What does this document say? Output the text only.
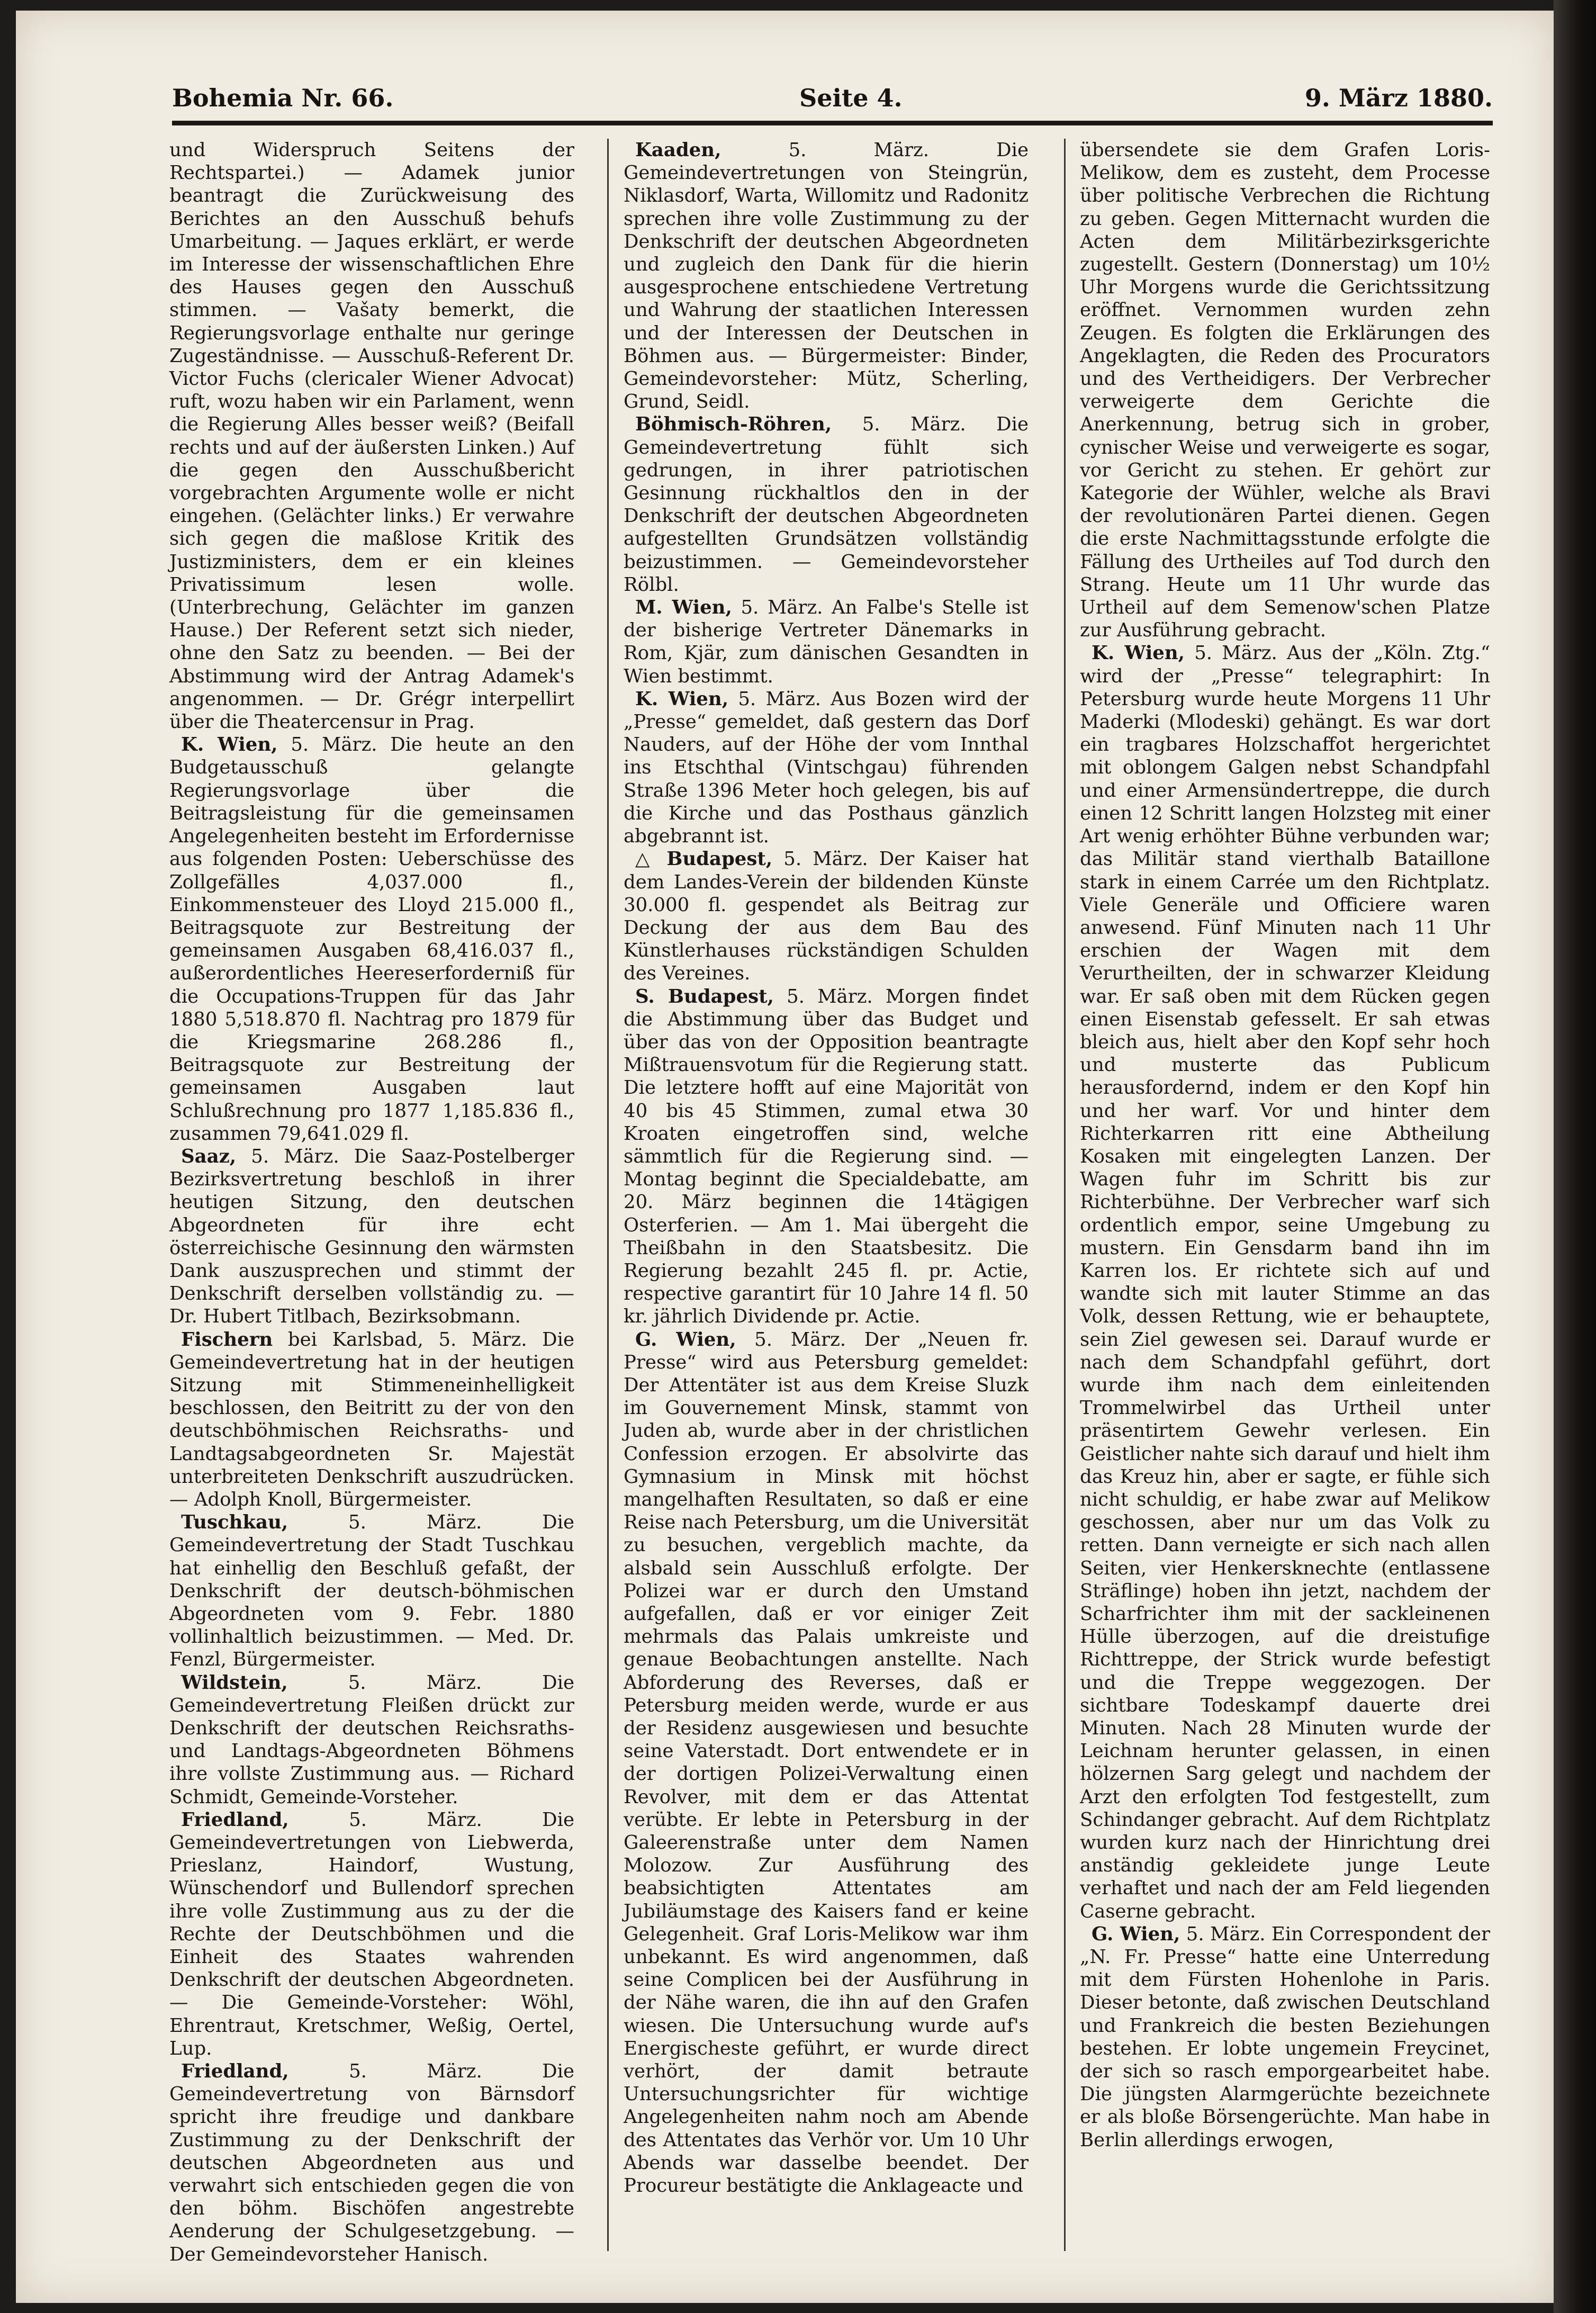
Bohemia Nr. 66.	Seite 4.	9. März 1880.

und Widerspruch Seitens der Rechtspartei.) — Adamek junior beantragt die Zurückweisung des Berichtes an den Ausschuß behufs Umarbeitung. — Jaques erklärt, er werde im Interesse der wissenschaftlichen Ehre des Hauses gegen den Ausschuß stimmen. — Vašaty bemerkt, die Regierungsvorlage enthalte nur geringe Zugeständnisse. — Ausschuß-Referent Dr. Victor Fuchs (clericaler Wiener Advocat) ruft, wozu haben wir ein Parlament, wenn die Regierung Alles besser weiß? (Beifall rechts und auf der äußersten Linken.) Auf die gegen den Ausschußbericht vorgebrachten Argumente wolle er nicht eingehen. (Gelächter links.) Er verwahre sich gegen die maßlose Kritik des Justizministers, dem er ein kleines Privatissimum lesen wolle. (Unterbrechung, Gelächter im ganzen Hause.) Der Referent setzt sich nieder, ohne den Satz zu beenden. — Bei der Abstimmung wird der Antrag Adamek's angenommen. — Dr. Grégr interpellirt über die Theatercensur in Prag.

K. Wien, 5. März. Die heute an den Budgetausschuß gelangte Regierungsvorlage über die Beitragsleistung für die gemeinsamen Angelegenheiten besteht im Erfordernisse aus folgenden Posten: Ueberschüsse des Zollgefälles 4,037.000 fl., Einkommensteuer des Lloyd 215.000 fl., Beitragsquote zur Bestreitung der gemeinsamen Ausgaben 68,416.037 fl., außerordentliches Heereserforderniß für die Occupations-Truppen für das Jahr 1880 5,518.870 fl. Nachtrag pro 1879 für die Kriegsmarine 268.286 fl., Beitragsquote zur Bestreitung der gemeinsamen Ausgaben laut Schlußrechnung pro 1877 1,185.836 fl., zusammen 79,641.029 fl.

Saaz, 5. März. Die Saaz-Postelberger Bezirksvertretung beschloß in ihrer heutigen Sitzung, den deutschen Abgeordneten für ihre echt österreichische Gesinnung den wärmsten Dank auszusprechen und stimmt der Denkschrift derselben vollständig zu. — Dr. Hubert Titlbach, Bezirksobmann.

Fischern bei Karlsbad, 5. März. Die Gemeindevertretung hat in der heutigen Sitzung mit Stimmeneinhelligkeit beschlossen, den Beitritt zu der von den deutschböhmischen Reichsraths- und Landtagsabgeordneten Sr. Majestät unterbreiteten Denkschrift auszudrücken. — Adolph Knoll, Bürgermeister.

Tuschkau,	5. März. Die Gemeindevertretung der Stadt Tuschkau hat einhellig den Beschluß gefaßt, der Denkschrift der deutsch-böhmischen Abgeordneten vom 9. Febr. 1880 vollinhaltlich beizustimmen. — Med. Dr. Fenzl, Bürgermeister.

Wildstein,	5. März. Die Gemeindevertretung Fleißen drückt zur Denkschrift der deutschen Reichsraths- und Landtags-Abgeordneten Böhmens ihre vollste Zustimmung aus. — Richard Schmidt, Gemeinde-Vorsteher.

Friedland,	5. März. Die Gemeindevertretungen von Liebwerda, Prieslanz, Haindorf, Wustung, Wünschendorf und Bullendorf sprechen ihre volle Zustimmung aus zu der die Rechte der Deutschböhmen und die Einheit des Staates wahrenden Denkschrift der deutschen Abgeordneten. — Die Gemeinde-Vorsteher: Wöhl, Ehrentraut, Kretschmer, Weßig, Oertel, Lup.

Friedland,	5. März. Die Gemeindevertretung von Bärnsdorf spricht ihre freudige und dankbare Zustimmung zu der Denkschrift der deutschen Abgeordneten aus und verwahrt sich entschieden gegen die von den böhm. Bischöfen angestrebte Aenderung der Schulgesetzgebung. — Der Gemeindevorsteher Hanisch.

Kaaden,	5. März. Die Gemeindevertretungen von Steingrün, Niklasdorf, Warta, Willomitz und Radonitz sprechen ihre volle Zustimmung zu der Denkschrift der deutschen Abgeordneten und zugleich den Dank für die hierin ausgesprochene entschiedene Vertretung und Wahrung der staatlichen Interessen und der Interessen der Deutschen in Böhmen aus. — Bürgermeister: Binder, Gemeindevorsteher: Mütz, Scherling, Grund, Seidl.

Böhmisch-Röhren, 5. März. Die Gemeindevertretung fühlt sich gedrungen, in ihrer patriotischen Gesinnung rückhaltlos den in der Denkschrift der deutschen Abgeordneten aufgestellten Grundsätzen vollständig beizustimmen. — Gemeindevorsteher Rölbl.

M. Wien, 5. März. An Falbe's Stelle ist der bisherige Vertreter Dänemarks in Rom, Kjär, zum dänischen Gesandten in Wien bestimmt.

K. Wien, 5. März. Aus Bozen wird der „Presse“ gemeldet, daß gestern das Dorf Nauders, auf der Höhe der vom Innthal ins Etschthal (Vintschgau) führenden Straße 1396 Meter hoch gelegen, bis auf die Kirche und das Posthaus gänzlich abgebrannt ist.

△ Budapest, 5. März. Der Kaiser hat dem Landes-Verein der bildenden Künste 30.000 fl. gespendet als Beitrag zur Deckung der aus dem Bau des Künstlerhauses rückständigen Schulden des Vereines.

S. Budapest, 5. März. Morgen findet die Abstimmung über das Budget und über das von der Opposition beantragte Mißtrauensvotum für die Regierung statt. Die letztere hofft auf eine Majorität von 40 bis 45 Stimmen, zumal etwa 30 Kroaten eingetroffen sind, welche sämmtlich für die Regierung sind. — Montag beginnt die Specialdebatte, am 20. März beginnen die 14tägigen Osterferien. — Am 1. Mai übergeht die Theißbahn in den Staatsbesitz. Die Regierung bezahlt 245 fl. pr. Actie, respective garantirt für 10 Jahre 14 fl. 50 kr. jährlich Dividende pr. Actie.

G. Wien, 5. März. Der „Neuen fr. Presse“ wird aus Petersburg gemeldet: Der Attentäter ist aus dem Kreise Sluzk im Gouvernement Minsk, stammt von Juden ab, wurde aber in der christlichen Confession erzogen. Er absolvirte das Gymnasium in Minsk mit höchst mangelhaften Resultaten, so daß er eine Reise nach Petersburg, um die Universität zu besuchen, vergeblich machte, da alsbald sein Ausschluß erfolgte. Der Polizei war er durch den Umstand aufgefallen, daß er vor einiger Zeit mehrmals das Palais umkreiste und genaue Beobachtungen anstellte. Nach Abforderung des Reverses, daß er Petersburg meiden werde, wurde er aus der Residenz ausgewiesen und besuchte seine Vaterstadt. Dort entwendete er in der dortigen Polizei-Verwaltung einen Revolver, mit dem er das Attentat verübte. Er lebte in Petersburg in der Galeerenstraße unter dem Namen Molozow. Zur Ausführung des beabsichtigten Attentates am Jubiläumstage des Kaisers fand er keine Gelegenheit. Graf Loris-Melikow war ihm unbekannt. Es wird angenommen, daß seine Complicen bei der Ausführung in der Nähe waren, die ihn auf den Grafen wiesen. Die Untersuchung wurde auf's Energischeste geführt, er wurde direct verhört, der damit betraute Untersuchungsrichter für wichtige Angelegenheiten nahm noch am Abende des Attentates das Verhör vor. Um 10 Uhr Abends war dasselbe beendet. Der Procureur bestätigte die Anklageacte und

übersendete sie dem Grafen Loris-Melikow, dem es zusteht, dem Processe über politische Verbrechen die Richtung zu geben. Gegen Mitternacht wurden die Acten dem Militärbezirksgerichte zugestellt. Gestern (Donnerstag) um 10½ Uhr Morgens wurde die Gerichtssitzung eröffnet. Vernommen wurden zehn Zeugen. Es folgten die Erklärungen des Angeklagten, die Reden des Procurators und des Vertheidigers. Der Verbrecher verweigerte dem Gerichte die Anerkennung, betrug sich in grober, cynischer Weise und verweigerte es sogar, vor Gericht zu stehen. Er gehört zur Kategorie der Wühler, welche als Bravi der revolutionären Partei dienen. Gegen die erste Nachmittagsstunde erfolgte die Fällung des Urtheiles auf Tod durch den Strang. Heute um 11 Uhr wurde das Urtheil auf dem Semenow'schen Platze zur Ausführung gebracht.

K. Wien, 5. März. Aus der „Köln. Ztg.“ wird der „Presse“ telegraphirt: In Petersburg wurde heute Morgens 11 Uhr Maderki (Mlodeski) gehängt. Es war dort ein tragbares Holzschaffot hergerichtet mit oblongem Galgen nebst Schandpfahl und einer Armensündertreppe, die durch einen 12 Schritt langen Holzsteg mit einer Art wenig erhöhter Bühne verbunden war; das Militär stand vierthalb Bataillone stark in einem Carrée um den Richtplatz. Viele Generäle und Officiere waren anwesend. Fünf Minuten nach 11 Uhr erschien der Wagen mit dem Verurtheilten, der in schwarzer Kleidung war. Er saß oben mit dem Rücken gegen einen Eisenstab gefesselt. Er sah etwas bleich aus, hielt aber den Kopf sehr hoch und musterte das Publicum herausfordernd, indem er den Kopf hin und her warf. Vor und hinter dem Richterkarren ritt eine Abtheilung Kosaken mit eingelegten Lanzen. Der Wagen fuhr im Schritt bis zur Richterbühne. Der Verbrecher warf sich ordentlich empor, seine Umgebung zu mustern. Ein Gensdarm band ihn im Karren los. Er richtete sich auf und wandte sich mit lauter Stimme an das Volk, dessen Rettung, wie er behauptete, sein Ziel gewesen sei. Darauf wurde er nach dem Schandpfahl geführt, dort wurde ihm nach dem einleitenden Trommelwirbel das Urtheil unter präsentirtem Gewehr verlesen. Ein Geistlicher nahte sich darauf und hielt ihm das Kreuz hin, aber er sagte, er fühle sich nicht schuldig, er habe zwar auf Melikow geschossen, aber nur um das Volk zu retten. Dann verneigte er sich nach allen Seiten, vier Henkersknechte (entlassene Sträflinge) hoben ihn jetzt, nachdem der Scharfrichter ihm mit der sackleinenen Hülle überzogen, auf die dreistufige Richttreppe, der Strick wurde befestigt und die Treppe weggezogen. Der sichtbare Todeskampf dauerte drei Minuten. Nach 28 Minuten wurde der Leichnam herunter gelassen, in einen hölzernen Sarg gelegt und nachdem der Arzt den erfolgten Tod festgestellt, zum Schindanger gebracht. Auf dem Richtplatz wurden kurz nach der Hinrichtung drei anständig gekleidete junge Leute verhaftet und nach der am Feld liegenden Caserne gebracht.

G. Wien, 5. März. Ein Correspondent der „N. Fr. Presse“ hatte eine Unterredung mit dem Fürsten Hohenlohe in Paris. Dieser betonte, daß zwischen Deutschland und Frankreich die besten Beziehungen bestehen. Er lobte ungemein Freycinet, der sich so rasch emporgearbeitet habe. Die jüngsten Alarmgerüchte bezeichnete er als bloße Börsengerüchte. Man habe in Berlin allerdings erwogen,
